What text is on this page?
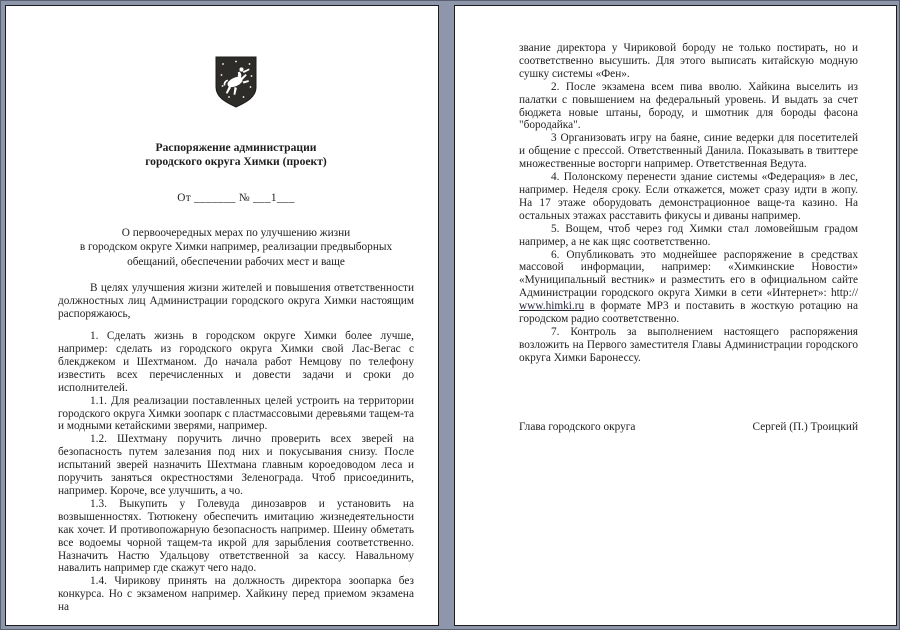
Распоряжение администрации
городского округа Химки (проект)
От _______ № ___1___
О первоочередных мерах по улучшению жизни
в городском округе Химки например, реализации предвыборных
обещаний, обеспечении рабочих мест и ваще

В целях улучшения жизни жителей и повышения ответственности должностных лиц Администрации городского округа Химки настоящим распоряжаюсь,

1. Сделать жизнь в городском округе Химки более лучше, например: сделать из городского округа Химки свой Лас-Вегас с блекджеком и Шехтманом. До начала работ Немцову по телефону известить всех перечисленных и довести задачи и сроки до исполнителей.

1.1. Для реализации поставленных целей устроить на территории городского округа Химки зоопарк с пластмассовыми деревьями тащем-та и модными кетайскими зверями, например.

1.2. Шехтману поручить лично проверить всех зверей на безопасность путем залезания под них и покусывания снизу. После испытаний зверей назначить Шехтмана главным короедоводом леса и поручить заняться окрестностями Зеленограда. Чтоб присоединить, например. Короче, все улучшить, а чо.

1.3. Выкупить у Голевуда динозавров и установить на возвышенностях. Тютюкену обеспечить имитацию жизнедеятельности как хочет. И противопожарную безопасность например. Шеину обметать все водоемы чорной тащем-та икрой для зарыбления соответственно. Назначить Настю Удальцову ответственной за кассу. Навальному навалить например где скажут чего надо.

1.4. Чирикову принять на должность директора зоопарка без конкурса. Но с экзаменом например. Хайкину перед приемом экзамена на

звание директора у Чириковой бороду не только постирать, но и соответственно высушить. Для этого выписать китайскую модную сушку системы «Фен».

2. После экзамена всем пива вволю. Хайкина выселить из палатки с повышением на федеральный уровень. И выдать за счет бюджета новые штаны, бороду, и шмотник для бороды фасона "бородайка".

3 Организовать игру на баяне, синие ведерки для посетителей и общение с прессой. Ответственный Данила. Показывать в твиттере множественные восторги например. Ответственная Ведута.

4. Полонскому перенести здание системы «Федерация» в лес, например. Неделя сроку. Если откажется, может сразу идти в жопу. На 17 этаже оборудовать демонстрационное ваще-та казино. На остальных этажах расставить фикусы и диваны например.

5. Вощем, чтоб через год Химки стал ломовейшым градом например, а не как щяс соответственно.

6. Опубликовать это моднейшее распоряжение в средствах массовой информации, например: «Химкинские Новости» «Муниципальный вестник» и разместить его в официальном сайте Администрации городского округа Химки в сети «Интернет»: http:// www.himki.ru в формате МР3 и поставить в жосткую ротацию на городском радио соответственно.

7. Контроль за выполнением настоящего распоряжения возложить на Первого заместителя Главы Администрации городского округа Химки Баронессу.

Глава городского округа	Сергей (П.) Троицкий
